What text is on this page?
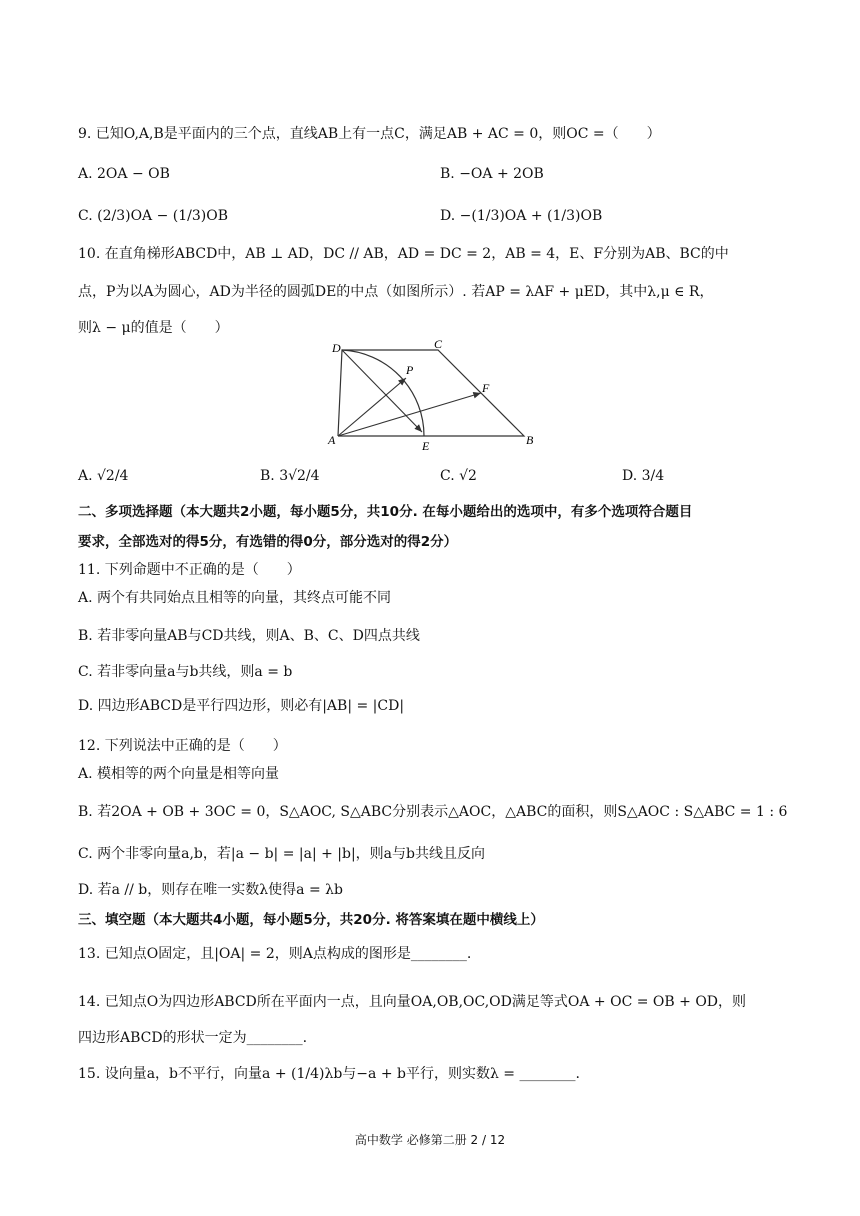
9. 已知O,A,B是平面内的三个点，直线AB上有一点C，满足AB + AC = 0，则OC =（　　）
A. 2OA − OB	B. −OA + 2OB
C. (2/3)OA − (1/3)OB	D. −(1/3)OA + (1/3)OB
10. 在直角梯形ABCD中，AB ⊥ AD，DC // AB，AD = DC = 2，AB = 4，E、F分别为AB、BC的中
点，P为以A为圆心，AD为半径的圆弧DE的中点（如图所示）. 若AP = λAF + μED，其中λ,μ ∈ R，
则λ − μ的值是（　　）
D	C
P
F
A	E	B
A. √2/4	B. 3√2/4	C. √2	D. 3/4
二、多项选择题（本大题共2小题，每小题5分，共10分. 在每小题给出的选项中，有多个选项符合题目
要求，全部选对的得5分，有选错的得0分，部分选对的得2分）
11. 下列命题中不正确的是（　　）
A. 两个有共同始点且相等的向量，其终点可能不同
B. 若非零向量AB与CD共线，则A、B、C、D四点共线
C. 若非零向量a与b共线，则a = b
D. 四边形ABCD是平行四边形，则必有|AB| = |CD|
12. 下列说法中正确的是（　　）
A. 模相等的两个向量是相等向量
B. 若2OA + OB + 3OC = 0，S△AOC, S△ABC分别表示△AOC，△ABC的面积，则S△AOC : S△ABC = 1 : 6
C. 两个非零向量a,b，若|a − b| = |a| + |b|，则a与b共线且反向
D. 若a // b，则存在唯一实数λ使得a = λb
三、填空题（本大题共4小题，每小题5分，共20分. 将答案填在题中横线上）
13. 已知点O固定，且|OA| = 2，则A点构成的图形是________.
14. 已知点O为四边形ABCD所在平面内一点，且向量OA,OB,OC,OD满足等式OA + OC = OB + OD，则
四边形ABCD的形状一定为________.
15. 设向量a，b不平行，向量a + (1/4)λb与−a + b平行，则实数λ = ________.
高中数学 必修第二册 2 / 12
